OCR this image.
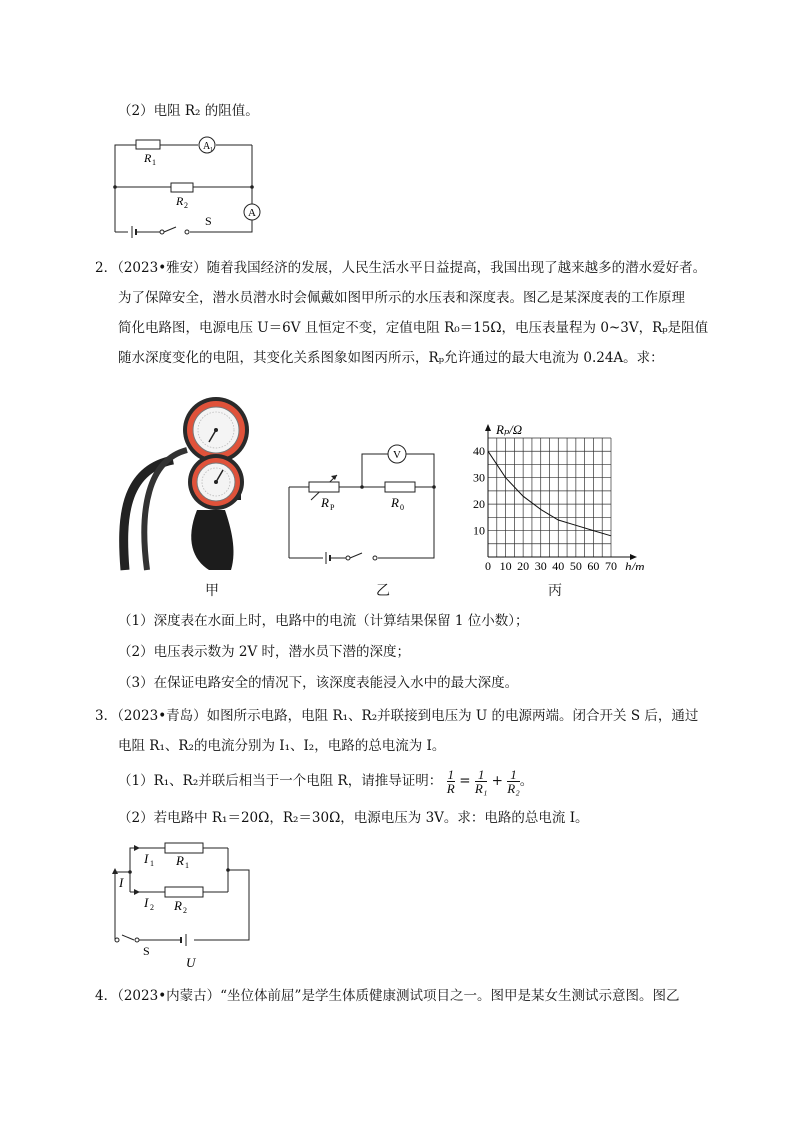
（2）电阻 R₂ 的阻值。
R 1
R 2
A 1
A
S
2．（2023•雅安）随着我国经济的发展，人民生活水平日益提高，我国出现了越来越多的潜水爱好者。
为了保障安全，潜水员潜水时会佩戴如图甲所示的水压表和深度表。图乙是某深度表的工作原理
简化电路图，电源电压 U＝6V 且恒定不变，定值电阻 R₀＝15Ω，电压表量程为 0~3V，Rₚ是阻值
随水深度变化的电阻，其变化关系图象如图丙所示，Rₚ允许通过的最大电流为 0.24A。求：
V
R P	R 0
0 10 20 30 40 50 60 70
10
20
30
40
Rₚ/Ω
h/m
甲	乙	丙
（1）深度表在水面上时，电路中的电流（计算结果保留 1 位小数）；
（2）电压表示数为 2V 时，潜水员下潜的深度；
（3）在保证电路安全的情况下，该深度表能浸入水中的最大深度。
3．（2023•青岛）如图所示电路，电阻 R₁、R₂并联接到电压为 U 的电源两端。闭合开关 S 后，通过
电阻 R₁、R₂的电流分别为 I₁、I₂，电路的总电流为 I。
（1）R₁、R₂并联后相当于一个电阻 R，请推导证明： $\frac{1}{R} = \frac{1}{\text{R₁}} + \frac{1}{\text{R₂}}$ 。
（2）若电路中 R₁＝20Ω，R₂＝30Ω，电源电压为 3V。求：电路的总电流 I。
I 1
I
I 2
R 1
R 2
S
U
4．（2023•内蒙古）“坐位体前屈”是学生体质健康测试项目之一。图甲是某女生测试示意图。图乙
